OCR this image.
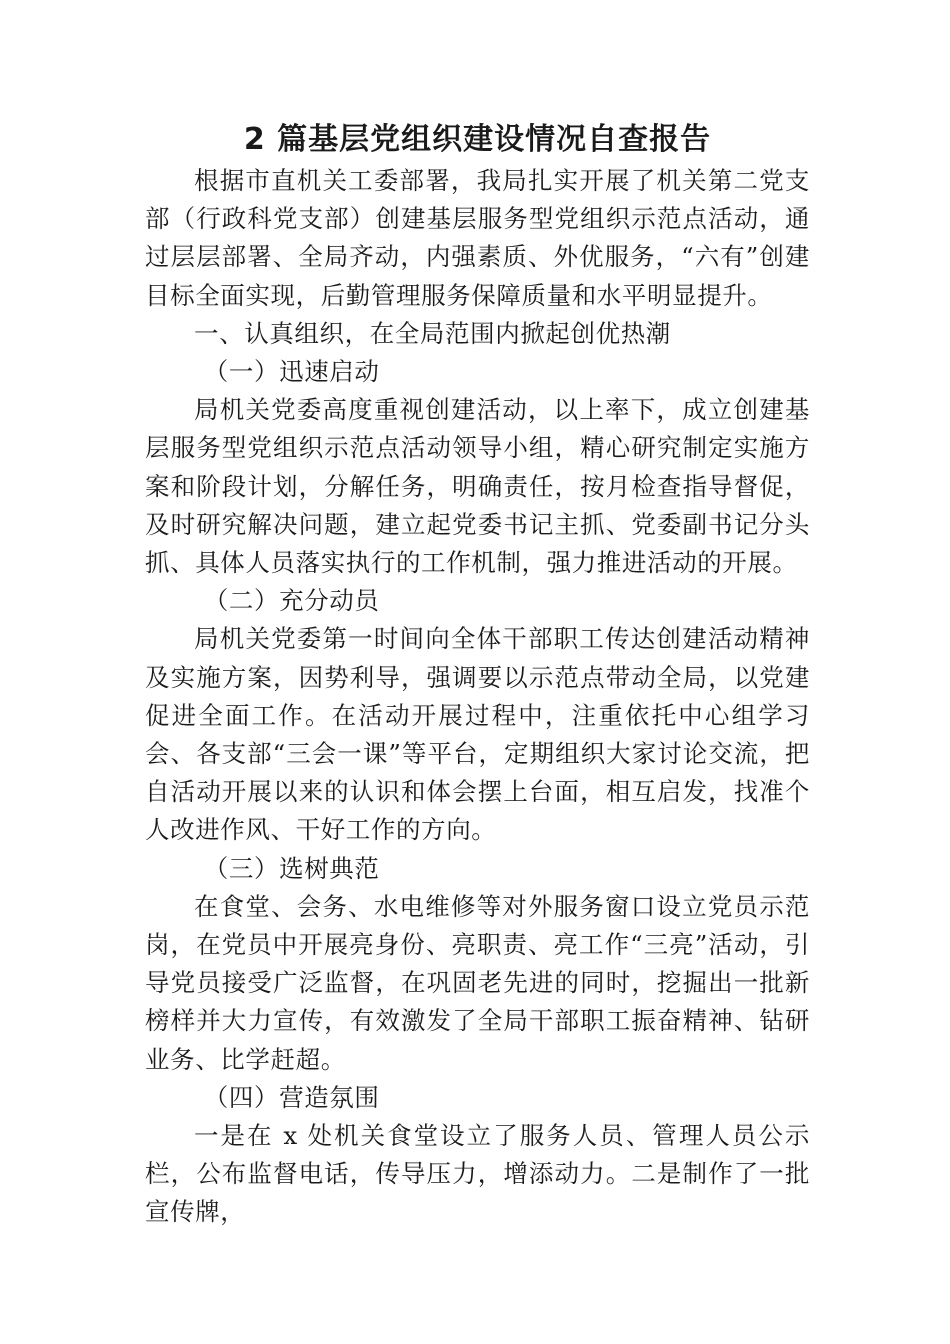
2 篇基层党组织建设情况自查报告

根据市直机关工委部署，我局扎实开展了机关第二党支部（行政科党支部）创建基层服务型党组织示范点活动，通过层层部署、全局齐动，内强素质、外优服务，“六有”创建目标全面实现，后勤管理服务保障质量和水平明显提升。

一、认真组织，在全局范围内掀起创优热潮

（一）迅速启动

局机关党委高度重视创建活动，以上率下，成立创建基层服务型党组织示范点活动领导小组，精心研究制定实施方案和阶段计划，分解任务，明确责任，按月检查指导督促，及时研究解决问题，建立起党委书记主抓、党委副书记分头抓、具体人员落实执行的工作机制，强力推进活动的开展。

（二）充分动员

局机关党委第一时间向全体干部职工传达创建活动精神及实施方案，因势利导，强调要以示范点带动全局，以党建促进全面工作。在活动开展过程中，注重依托中心组学习会、各支部“三会一课”等平台，定期组织大家讨论交流，把自活动开展以来的认识和体会摆上台面，相互启发，找准个人改进作风、干好工作的方向。

（三）选树典范

在食堂、会务、水电维修等对外服务窗口设立党员示范岗，在党员中开展亮身份、亮职责、亮工作“三亮”活动，引导党员接受广泛监督，在巩固老先进的同时，挖掘出一批新榜样并大力宣传，有效激发了全局干部职工振奋精神、钻研业务、比学赶超。

（四）营造氛围

一是在 x 处机关食堂设立了服务人员、管理人员公示栏，公布监督电话，传导压力，增添动力。二是制作了一批宣传牌，
